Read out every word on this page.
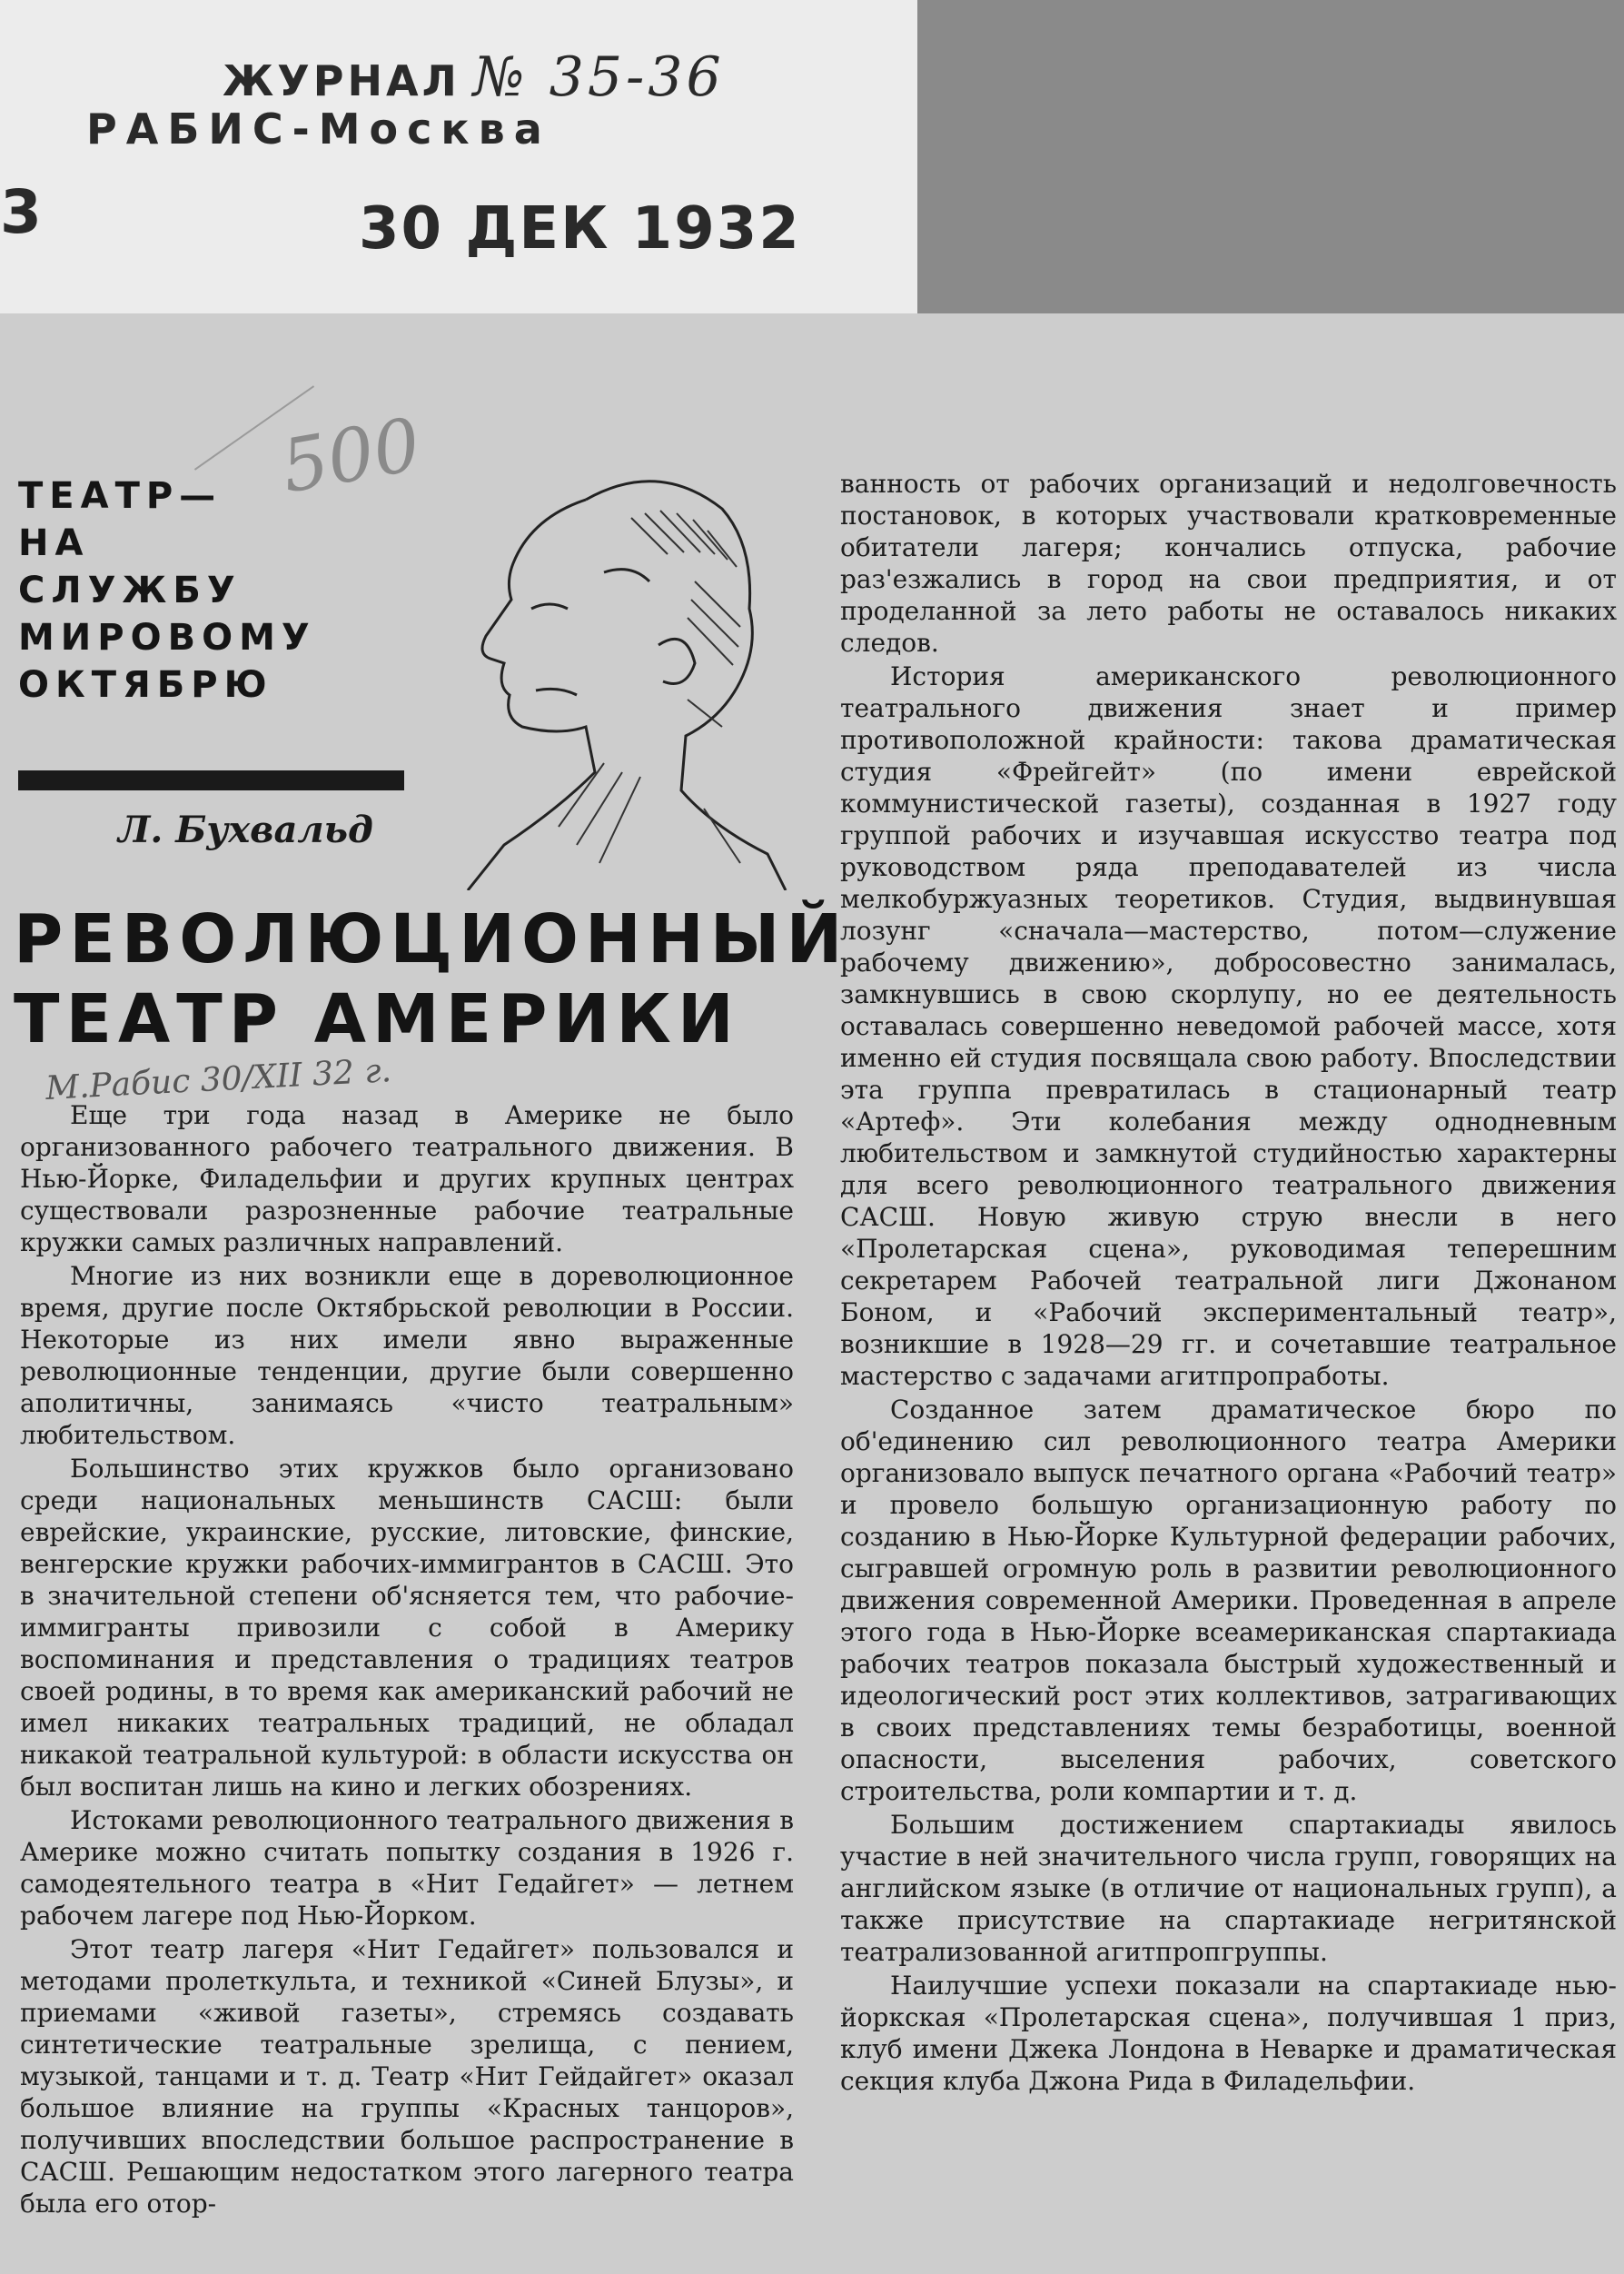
ЖУРНАЛ № 35-36
РАБИС-Москва
3	30 ДЕК 1932
500
ТЕАТР—
НА
СЛУЖБУ
МИРОВОМУ
ОКТЯБРЮ
Л. Бухвальд
РЕВОЛЮЦИОННЫЙ
ТЕАТР АМЕРИКИ
М.Рабис 30/XII 32 г.

Еще три года назад в Америке не было организованного рабочего театрального движения. В Нью-Йорке, Филадельфии и других крупных центрах существовали разрозненные рабочие театральные кружки самых различных направлений.

Многие из них возникли еще в дореволюционное время, другие после Октябрьской революции в России. Некоторые из них имели явно выраженные революционные тенденции, другие были совершенно аполитичны, занимаясь «чисто театральным» любительством.

Большинство этих кружков было организовано среди национальных меньшинств САСШ: были еврейские, украинские, русские, литовские, финские, венгерские кружки рабочих-иммигрантов в САСШ. Это в значительной степени об'ясняется тем, что рабочие-иммигранты привозили с собой в Америку воспоминания и представления о традициях театров своей родины, в то время как американский рабочий не имел никаких театральных традиций, не обладал никакой театральной культурой: в области искусства он был воспитан лишь на кино и легких обозрениях.

Истоками революционного театрального движения в Америке можно считать попытку создания в 1926 г. самодеятельного театра в «Нит Гедайгет» — летнем рабочем лагере под Нью-Йорком.

Этот театр лагеря «Нит Гедайгет» пользовался и методами пролеткульта, и техникой «Синей Блузы», и приемами «живой газеты», стремясь создавать синтетические театральные зрелища, с пением, музыкой, танцами и т. д. Театр «Нит Гейдайгет» оказал большое влияние на группы «Красных танцоров», получивших впоследствии большое распространение в САСШ. Решающим недостатком этого лагерного театра была его отор-

ванность от рабочих организаций и недолговечность постановок, в которых участвовали кратковременные обитатели лагеря; кончались отпуска, рабочие раз'езжались в город на свои предприятия, и от проделанной за лето работы не оставалось никаких следов.

История американского революционного театрального движения знает и пример противоположной крайности: такова драматическая студия «Фрейгейт» (по имени еврейской коммунистической газеты), созданная в 1927 году группой рабочих и изучавшая искусство театра под руководством ряда преподавателей из числа мелкобуржуазных теоретиков. Студия, выдвинувшая лозунг «сначала—мастерство, потом—служение рабочему движению», добросовестно занималась, замкнувшись в свою скорлупу, но ее деятельность оставалась совершенно неведомой рабочей массе, хотя именно ей студия посвящала свою работу. Впоследствии эта группа превратилась в стационарный театр «Артеф». Эти колебания между однодневным любительством и замкнутой студийностью характерны для всего революционного театрального движения САСШ. Новую живую струю внесли в него «Пролетарская сцена», руководимая теперешним секретарем Рабочей театральной лиги Джонаном Боном, и «Рабочий экспериментальный театр», возникшие в 1928—29 гг. и сочетавшие театральное мастерство с задачами агитпропработы.

Созданное затем драматическое бюро по об'единению сил революционного театра Америки организовало выпуск печатного органа «Рабочий театр» и провело большую организационную работу по созданию в Нью-Йорке Культурной федерации рабочих, сыгравшей огромную роль в развитии революционного движения современной Америки. Проведенная в апреле этого года в Нью-Йорке всеамериканская спартакиада рабочих театров показала быстрый художественный и идеологический рост этих коллективов, затрагивающих в своих представлениях темы безработицы, военной опасности, выселения рабочих, советского строительства, роли компартии и т. д.

Большим достижением спартакиады явилось участие в ней значительного числа групп, говорящих на английском языке (в отличие от национальных групп), а также присутствие на спартакиаде негритянской театрализованной агитпропгруппы.

Наилучшие успехи показали на спартакиаде нью-йоркская «Пролетарская сцена», получившая 1 приз, клуб имени Джека Лондона в Неварке и драматическая секция клуба Джона Рида в Филадельфии.
